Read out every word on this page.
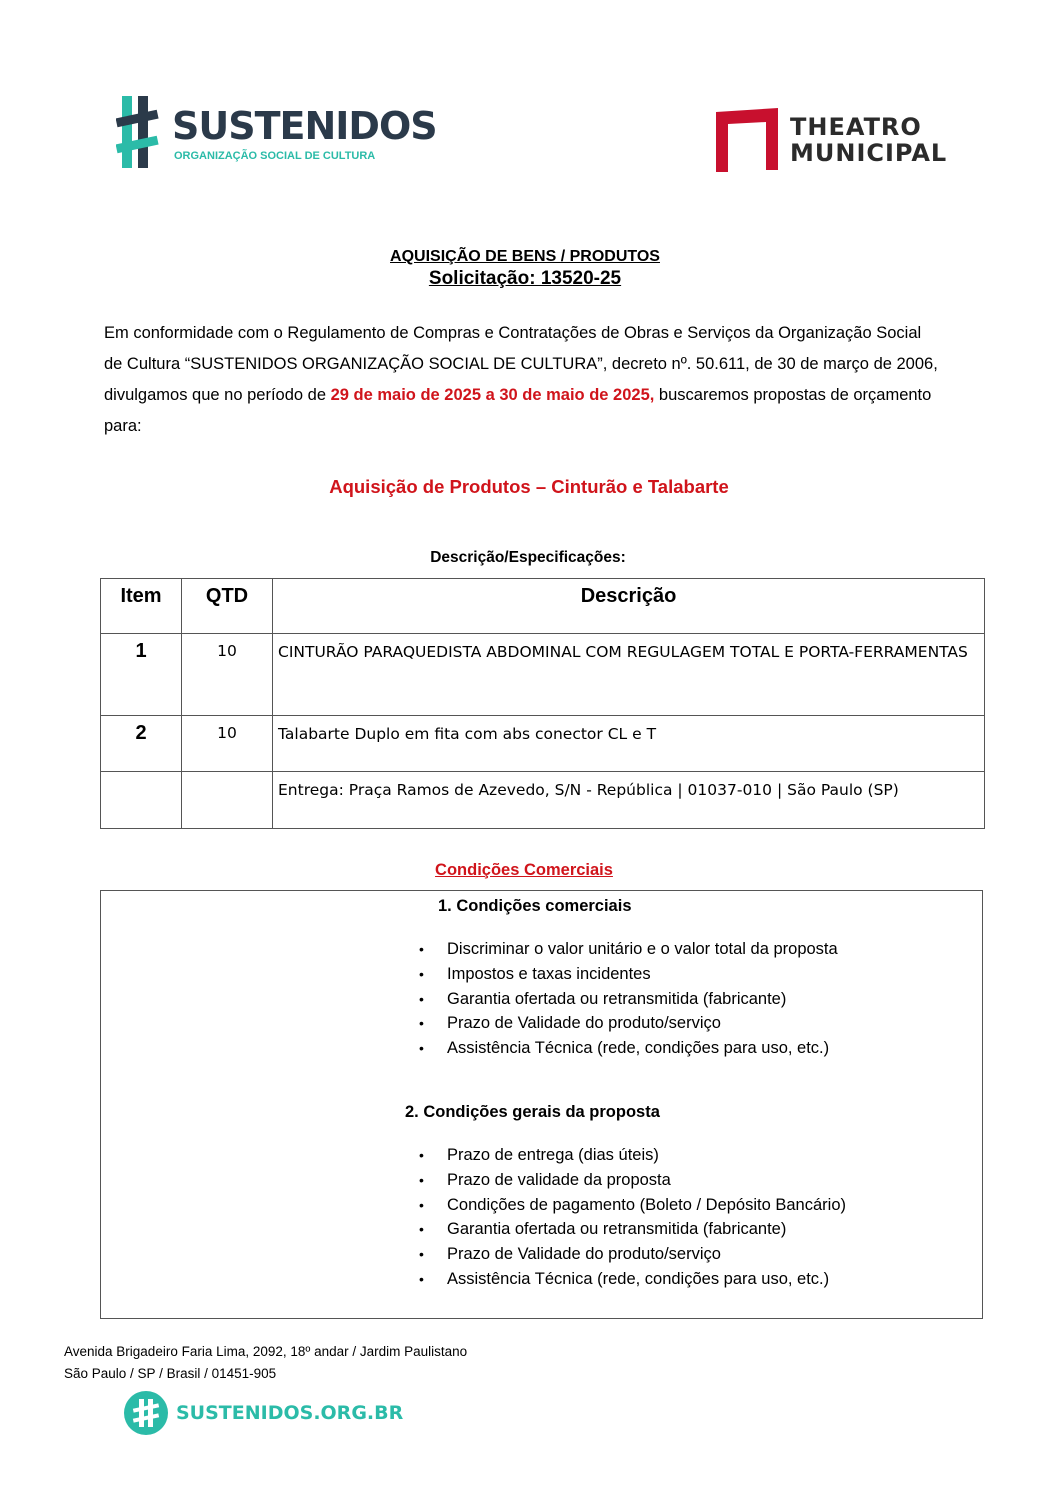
SUSTENIDOS
ORGANIZAÇÃO SOCIAL DE CULTURA
THEATRO
MUNICIPAL
AQUISIÇÃO DE BENS / PRODUTOS
Solicitação: 13520-25
Em conformidade com o Regulamento de Compras e Contratações de Obras e Serviços da Organização Social de Cultura “SUSTENIDOS ORGANIZAÇÃO SOCIAL DE CULTURA”, decreto nº. 50.611, de 30 de março de 2006, divulgamos que no período de 29 de maio de 2025 a 30 de maio de 2025, buscaremos propostas de orçamento para:
Aquisição de Produtos – Cinturão e Talabarte
Descrição/Especificações:
Item	QTD	Descrição
1	10	CINTURÃO PARAQUEDISTA ABDOMINAL COM REGULAGEM TOTAL E PORTA-FERRAMENTAS
2	10	Talabarte Duplo em fita com abs conector CL e T
		Entrega: Praça Ramos de Azevedo, S/N - República | 01037-010 | São Paulo (SP)
Condições Comerciais
1. Condições comerciais
• Discriminar o valor unitário e o valor total da proposta
• Impostos e taxas incidentes
• Garantia ofertada ou retransmitida (fabricante)
• Prazo de Validade do produto/serviço
• Assistência Técnica (rede, condições para uso, etc.)
2. Condições gerais da proposta
• Prazo de entrega (dias úteis)
• Prazo de validade da proposta
• Condições de pagamento (Boleto / Depósito Bancário)
• Garantia ofertada ou retransmitida (fabricante)
• Prazo de Validade do produto/serviço
• Assistência Técnica (rede, condições para uso, etc.)
Avenida Brigadeiro Faria Lima, 2092, 18º andar / Jardim Paulistano
São Paulo / SP / Brasil / 01451-905
SUSTENIDOS.ORG.BR
